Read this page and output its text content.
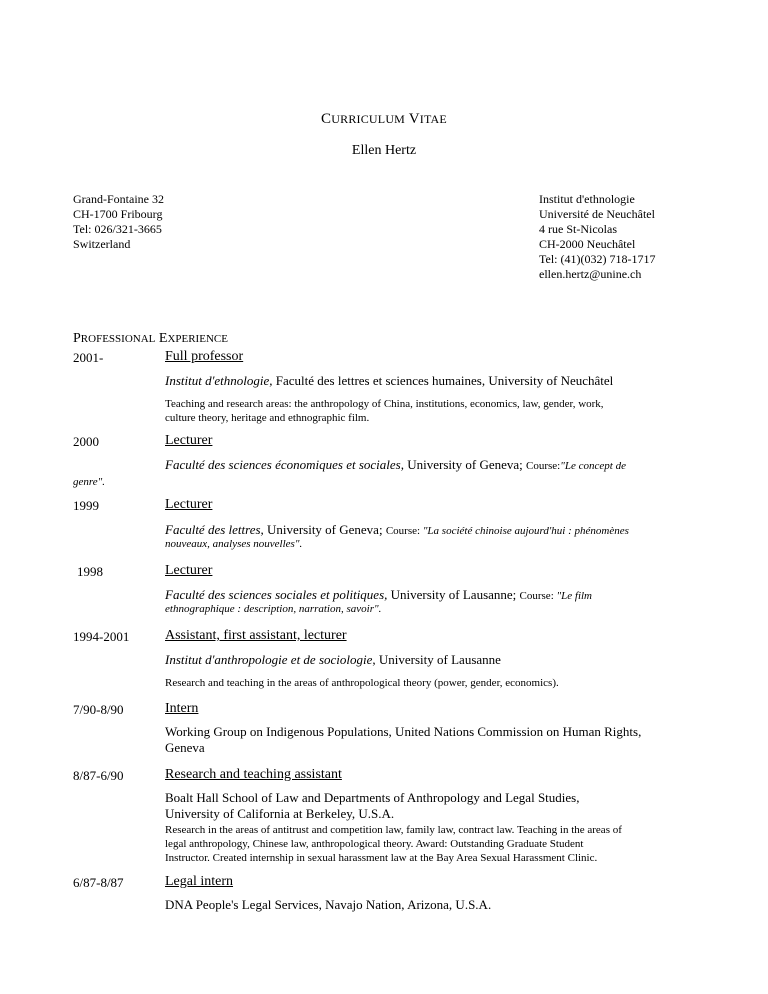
CURRICULUM VITAE
Ellen Hertz
Grand-Fontaine 32
CH-1700 Fribourg
Tel: 026/321-3665
Switzerland
Institut d'ethnologie
Université de Neuchâtel
4 rue St-Nicolas
CH-2000 Neuchâtel
Tel: (41)(032) 718-1717
ellen.hertz@unine.ch
PROFESSIONAL EXPERIENCE
2001-	Full professor
Institut d'ethnologie, Faculté des lettres et sciences humaines, University of Neuchâtel
Teaching and research areas: the anthropology of China, institutions, economics, law, gender, work,
culture theory, heritage and ethnographic film.
2000	Lecturer
Faculté des sciences économiques et sociales, University of Geneva; Course:"Le concept de
genre".
1999	Lecturer
Faculté des lettres, University of Geneva; Course: "La société chinoise aujourd'hui : phénomènes
nouveaux, analyses nouvelles".
1998	Lecturer
Faculté des sciences sociales et politiques, University of Lausanne; Course: "Le film
ethnographique : description, narration, savoir".
1994-2001	Assistant, first assistant, lecturer
Institut d'anthropologie et de sociologie, University of Lausanne
Research and teaching in the areas of anthropological theory (power, gender, economics).
7/90-8/90	Intern
Working Group on Indigenous Populations, United Nations Commission on Human Rights,
Geneva
8/87-6/90	Research and teaching assistant
Boalt Hall School of Law and Departments of Anthropology and Legal Studies,
University of California at Berkeley, U.S.A.
Research in the areas of antitrust and competition law, family law, contract law. Teaching in the areas of
legal anthropology, Chinese law, anthropological theory. Award: Outstanding Graduate Student
Instructor. Created internship in sexual harassment law at the Bay Area Sexual Harassment Clinic.
6/87-8/87	Legal intern
DNA People's Legal Services, Navajo Nation, Arizona, U.S.A.
